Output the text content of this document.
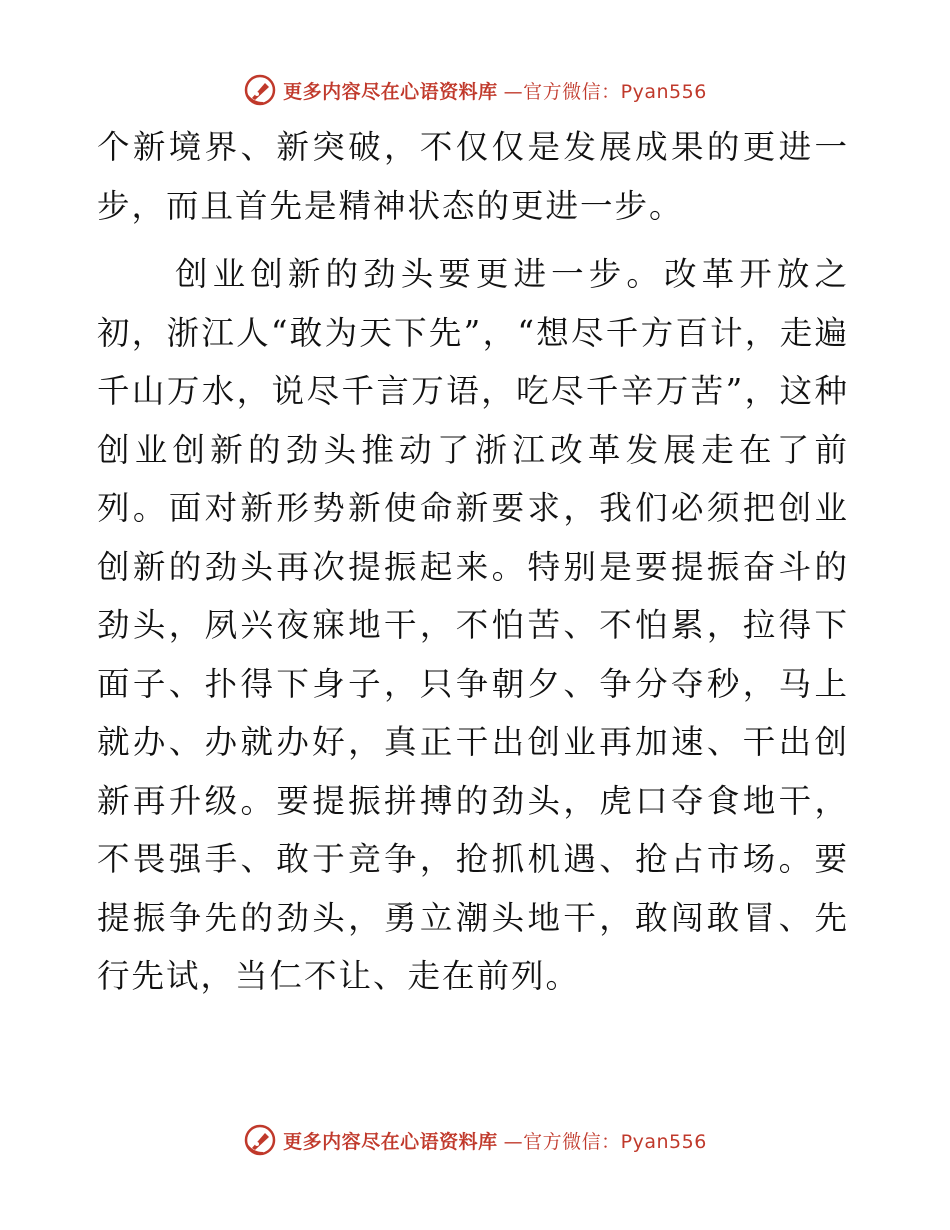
更多内容尽在心语资料库 —官方微信：Pyan556

个新境界、新突破，不仅仅是发展成果的更进一步，而且首先是精神状态的更进一步。

创业创新的劲头要更进一步。改革开放之初，浙江人“敢为天下先”，“想尽千方百计，走遍千山万水，说尽千言万语，吃尽千辛万苦”，这种创业创新的劲头推动了浙江改革发展走在了前列。面对新形势新使命新要求，我们必须把创业创新的劲头再次提振起来。特别是要提振奋斗的劲头，夙兴夜寐地干，不怕苦、不怕累，拉得下面子、扑得下身子，只争朝夕、争分夺秒，马上就办、办就办好，真正干出创业再加速、干出创新再升级。要提振拼搏的劲头，虎口夺食地干，不畏强手、敢于竞争，抢抓机遇、抢占市场。要提振争先的劲头，勇立潮头地干，敢闯敢冒、先行先试，当仁不让、走在前列。

更多内容尽在心语资料库 —官方微信：Pyan556
